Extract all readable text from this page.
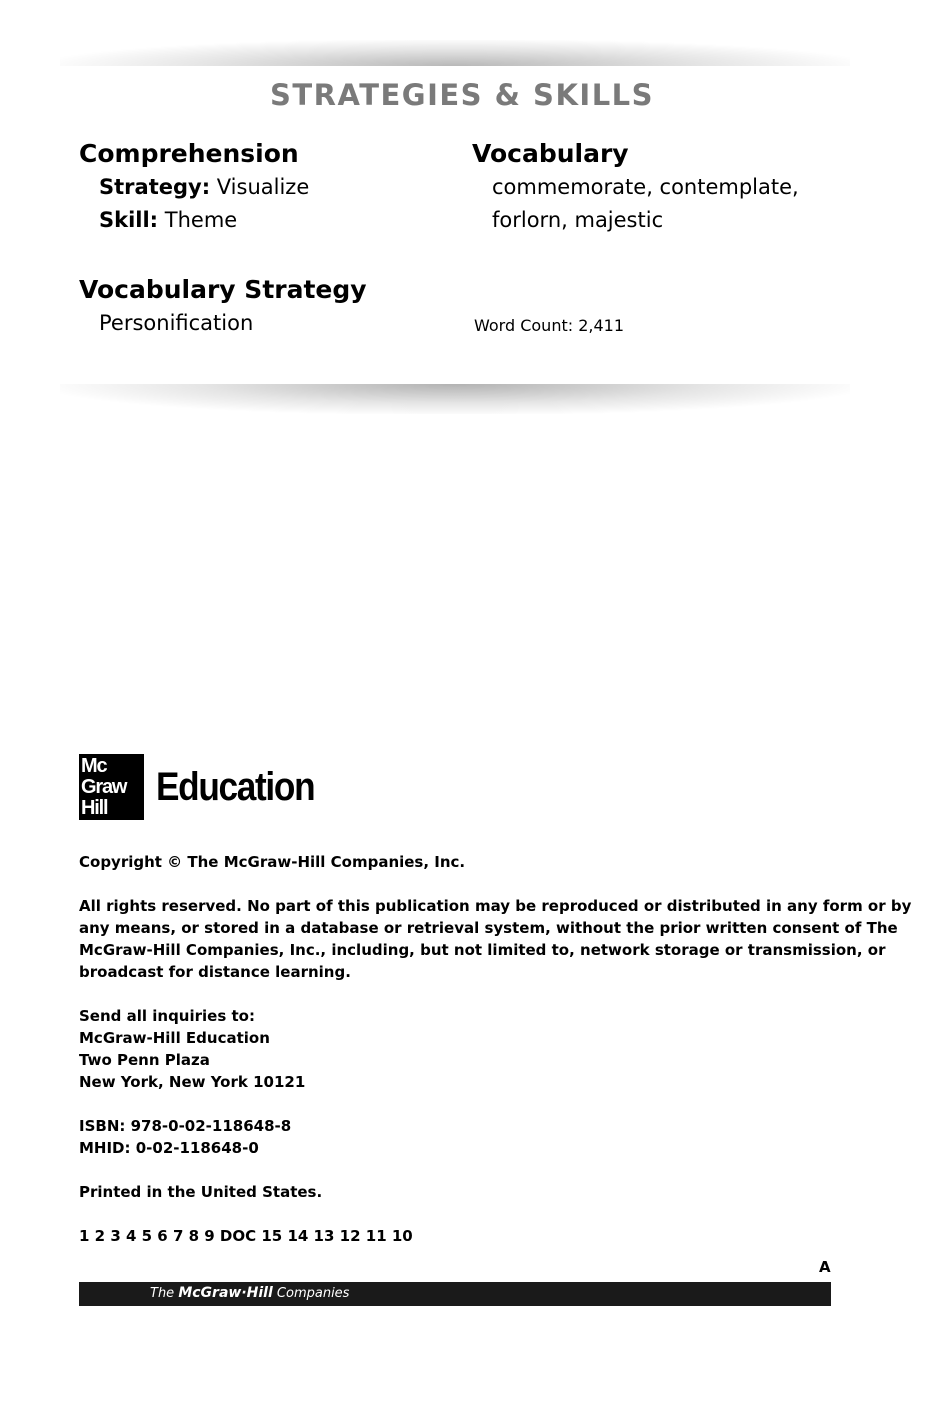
STRATEGIES & SKILLS
Comprehension
Strategy: Visualize
Skill: Theme
Vocabulary
commemorate, contemplate,
forlorn, majestic
Vocabulary Strategy
Personification	Word Count: 2,411
Mc
Graw
Hill	Education
Copyright © The McGraw-Hill Companies, Inc.
All rights reserved. No part of this publication may be reproduced or distributed in any form or by
any means, or stored in a database or retrieval system, without the prior written consent of The
McGraw-Hill Companies, Inc., including, but not limited to, network storage or transmission, or
broadcast for distance learning.
Send all inquiries to:
McGraw-Hill Education
Two Penn Plaza
New York, New York 10121
ISBN: 978-0-02-118648-8
MHID: 0-02-118648-0
Printed in the United States.
1 2 3 4 5 6 7 8 9 DOC 15 14 13 12 11 10
A
The McGraw·Hill Companies
